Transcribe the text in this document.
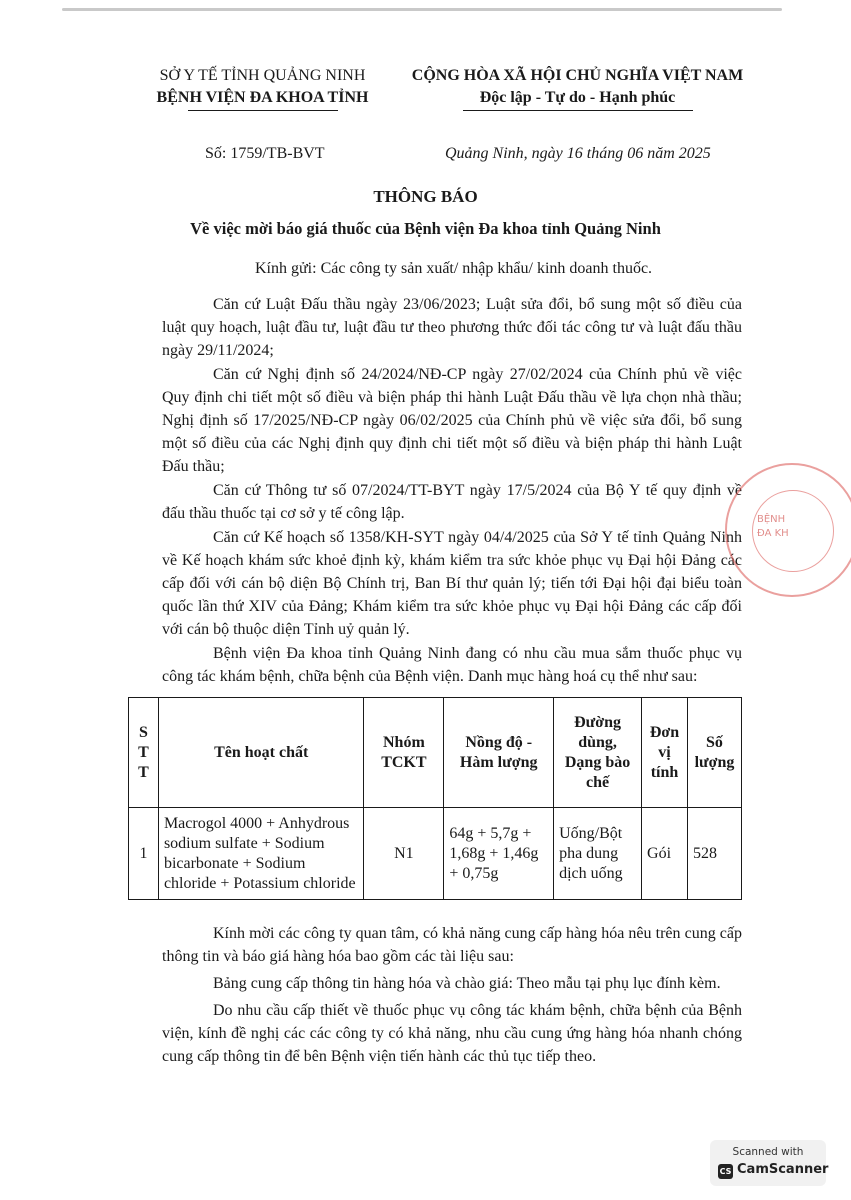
SỞ Y TẾ TỈNH QUẢNG NINH
BỆNH VIỆN ĐA KHOA TỈNH
CỘNG HÒA XÃ HỘI CHỦ NGHĨA VIỆT NAM
Độc lập - Tự do - Hạnh phúc
Số: 1759/TB-BVT	Quảng Ninh, ngày 16 tháng 06 năm 2025
THÔNG BÁO
Về việc mời báo giá thuốc của Bệnh viện Đa khoa tỉnh Quảng Ninh
Kính gửi: Các công ty sản xuất/ nhập khẩu/ kinh doanh thuốc.

Căn cứ Luật Đấu thầu ngày 23/06/2023; Luật sửa đổi, bổ sung một số điều của luật quy hoạch, luật đầu tư, luật đầu tư theo phương thức đối tác công tư và luật đấu thầu ngày 29/11/2024;

Căn cứ Nghị định số 24/2024/NĐ-CP ngày 27/02/2024 của Chính phủ về việc Quy định chi tiết một số điều và biện pháp thi hành Luật Đấu thầu về lựa chọn nhà thầu; Nghị định số 17/2025/NĐ-CP ngày 06/02/2025 của Chính phủ về việc sửa đổi, bổ sung một số điều của các Nghị định quy định chi tiết một số điều và biện pháp thi hành Luật Đấu thầu;

Căn cứ Thông tư số 07/2024/TT-BYT ngày 17/5/2024 của Bộ Y tế quy định về đấu thầu thuốc tại cơ sở y tế công lập.

Căn cứ Kế hoạch số 1358/KH-SYT ngày 04/4/2025 của Sở Y tế tỉnh Quảng Ninh về Kế hoạch khám sức khoẻ định kỳ, khám kiểm tra sức khỏe phục vụ Đại hội Đảng các cấp đối với cán bộ diện Bộ Chính trị, Ban Bí thư quản lý; tiến tới Đại hội đại biểu toàn quốc lần thứ XIV của Đảng; Khám kiểm tra sức khỏe phục vụ Đại hội Đảng các cấp đối với cán bộ thuộc diện Tỉnh uỷ quản lý.

Bệnh viện Đa khoa tỉnh Quảng Ninh đang có nhu cầu mua sắm thuốc phục vụ công tác khám bệnh, chữa bệnh của Bệnh viện. Danh mục hàng hoá cụ thể như sau:

STT	Tên hoạt chất	Nhóm TCKT	Nồng độ - Hàm lượng	Đường dùng, Dạng bào chế	Đơn vị tính	Số lượng
1	Macrogol 4000 + Anhydrous sodium sulfate + Sodium bicarbonate + Sodium chloride + Potassium chloride	N1	64g + 5,7g + 1,68g + 1,46g + 0,75g	Uống/Bột pha dung dịch uống	Gói	528

Kính mời các công ty quan tâm, có khả năng cung cấp hàng hóa nêu trên cung cấp thông tin và báo giá hàng hóa bao gồm các tài liệu sau:

Bảng cung cấp thông tin hàng hóa và chào giá: Theo mẫu tại phụ lục đính kèm.

Do nhu cầu cấp thiết về thuốc phục vụ công tác khám bệnh, chữa bệnh của Bệnh viện, kính đề nghị các các công ty có khả năng, nhu cầu cung ứng hàng hóa nhanh chóng cung cấp thông tin để bên Bệnh viện tiến hành các thủ tục tiếp theo.

BỆNH
ĐA KH
Scanned with
CS CamScanner
